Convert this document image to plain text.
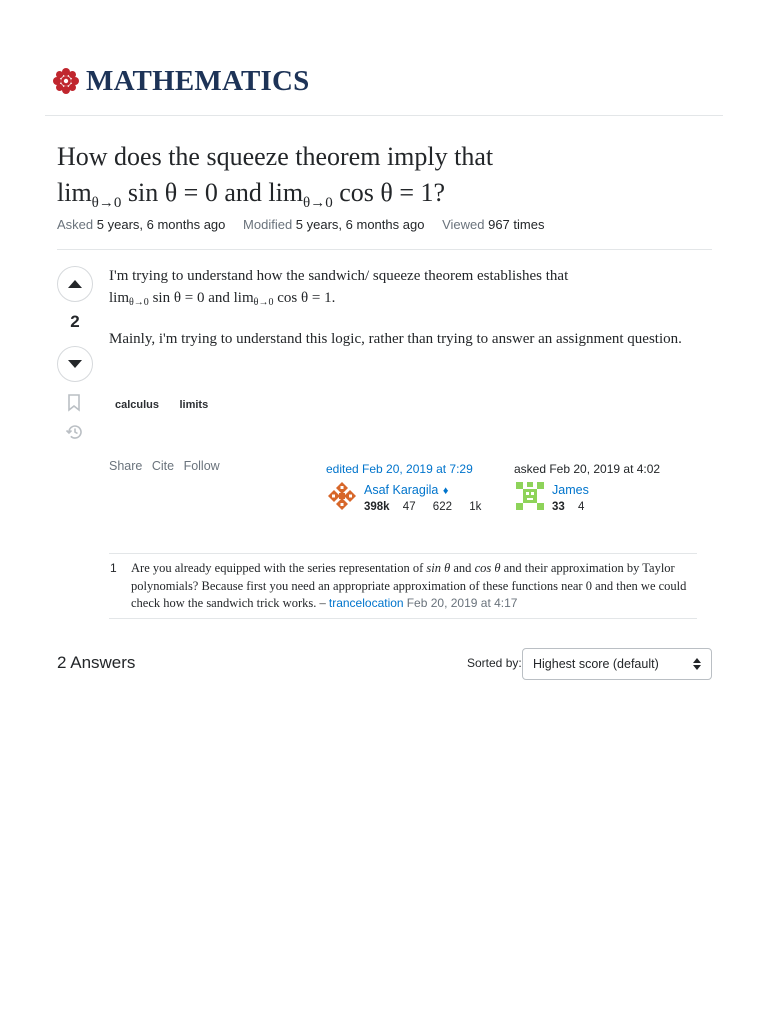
MATHEMATICS
How does the squeeze theorem imply that
$\lim_{\theta\to 0} \sin \theta = 0$ and $\lim_{\theta\to 0} \cos \theta = 1$?
Asked 5 years, 6 months ago Modified 5 years, 6 months ago Viewed 967 times
2

I'm trying to understand how the sandwich/ squeeze theorem establishes that
$\lim_{\theta\to 0} \sin \theta = 0$ and $\lim_{\theta\to 0} \cos \theta = 1$.

Mainly, i'm trying to understand this logic, rather than trying to answer an assignment question.

calculus limits
Share Cite Follow	edited Feb 20, 2019 at 7:29
Asaf Karagila ♦
398k 47 622 1k
asked Feb 20, 2019 at 4:02
James
33 4
1 Are you already equipped with the series representation of sin θ and cos θ and their approximation by Taylor polynomials? Because first you need an appropriate approximation of these functions near 0 and then we could check how the sandwich trick works. – trancelocation Feb 20, 2019 at 4:17
2 Answers	Sorted by: Highest score (default)
